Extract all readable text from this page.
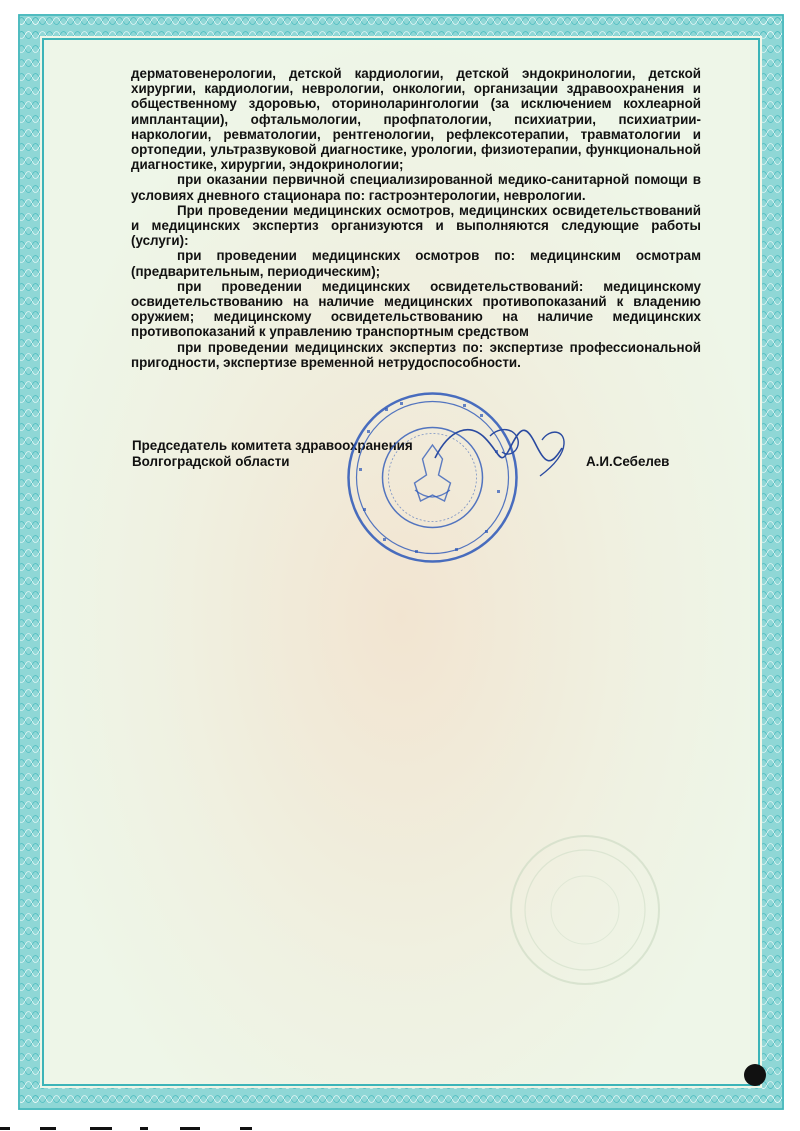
дерматовенерологии, детской кардиологии, детской эндокринологии, детской хирургии, кардиологии, неврологии, онкологии, организации здравоохранения и общественному здоровью, оториноларингологии (за исключением кохлеарной имплантации), офтальмологии, профпатологии, психиатрии, психиатрии-наркологии, ревматологии, рентгенологии, рефлексотерапии, травматологии и ортопедии, ультразвуковой диагностике, урологии, физиотерапии, функциональной диагностике, хирургии, эндокринологии;

при оказании первичной специализированной медико-санитарной помощи в условиях дневного стационара по: гастроэнтерологии, неврологии.

При проведении медицинских осмотров, медицинских освидетельствований и медицинских экспертиз организуются и выполняются следующие работы (услуги):

при проведении медицинских осмотров по: медицинским осмотрам (предварительным, периодическим);

при проведении медицинских освидетельствований: медицинскому освидетельствованию на наличие медицинских противопоказаний к владению оружием; медицинскому освидетельствованию на наличие медицинских противопоказаний к управлению транспортным средством

при проведении медицинских экспертиз по: экспертизе профессиональной пригодности, экспертизе временной нетрудоспособности.

Председатель комитета здравоохранения
Волгоградской области	А.И.Себелев
